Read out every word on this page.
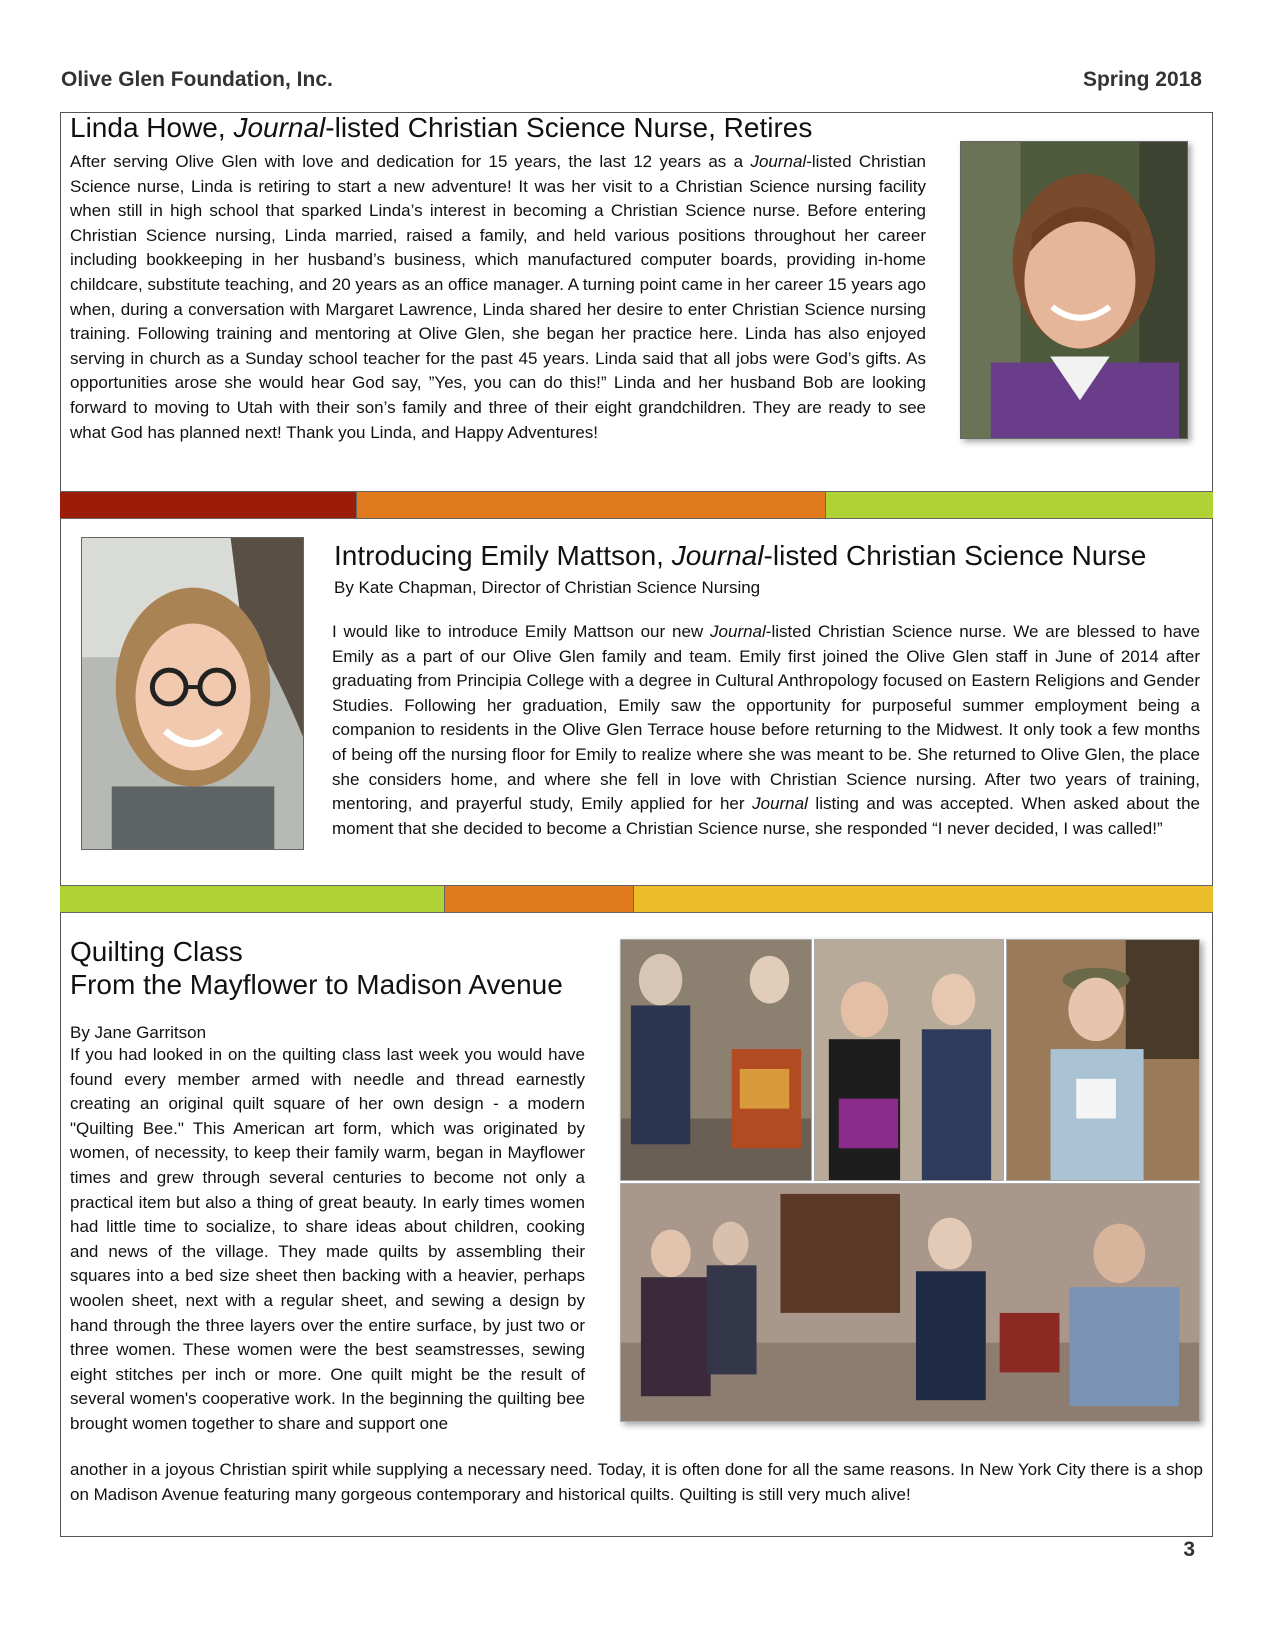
Olive Glen Foundation, Inc.	Spring 2018
Linda Howe, Journal-listed Christian Science Nurse, Retires
After serving Olive Glen with love and dedication for 15 years, the last 12 years as a Journal-listed Christian Science nurse, Linda is retiring to start a new adventure! It was her visit to a Christian Science nursing facility when still in high school that sparked Linda’s interest in becoming a Christian Science nurse. Before entering Christian Science nursing, Linda married, raised a family, and held various positions throughout her career including bookkeeping in her husband’s business, which manufactured computer boards, providing in-home childcare, substitute teaching, and 20 years as an office manager. A turning point came in her career 15 years ago when, during a conversation with Margaret Lawrence, Linda shared her desire to enter Christian Science nursing training. Following training and mentoring at Olive Glen, she began her practice here. Linda has also enjoyed serving in church as a Sunday school teacher for the past 45 years. Linda said that all jobs were God’s gifts. As opportunities arose she would hear God say, ”Yes, you can do this!” Linda and her husband Bob are looking forward to moving to Utah with their son’s family and three of their eight grandchildren. They are ready to see what God has planned next! Thank you Linda, and Happy Adventures!
Introducing Emily Mattson, Journal-listed Christian Science Nurse
By Kate Chapman, Director of Christian Science Nursing
I would like to introduce Emily Mattson our new Journal-listed Christian Science nurse. We are blessed to have Emily as a part of our Olive Glen family and team. Emily first joined the Olive Glen staff in June of 2014 after graduating from Principia College with a degree in Cultural Anthropology focused on Eastern Religions and Gender Studies. Following her graduation, Emily saw the opportunity for purposeful summer employment being a companion to residents in the Olive Glen Terrace house before returning to the Midwest. It only took a few months of being off the nursing floor for Emily to realize where she was meant to be. She returned to Olive Glen, the place she considers home, and where she fell in love with Christian Science nursing. After two years of training, mentoring, and prayerful study, Emily applied for her Journal listing and was accepted. When asked about the moment that she decided to become a Christian Science nurse, she responded “I never decided, I was called!”
Quilting Class
From the Mayflower to Madison Avenue
By Jane Garritson
If you had looked in on the quilting class last week you would have found every member armed with needle and thread earnestly creating an original quilt square of her own design - a modern "Quilting Bee." This American art form, which was originated by women, of necessity, to keep their family warm, began in Mayflower times and grew through several centuries to become not only a practical item but also a thing of great beauty. In early times women had little time to socialize, to share ideas about children, cooking and news of the village. They made quilts by assembling their squares into a bed size sheet then backing with a heavier, perhaps woolen sheet, next with a regular sheet, and sewing a design by hand through the three layers over the entire surface, by just two or three women. These women were the best seamstresses, sewing eight stitches per inch or more. One quilt might be the result of several women's cooperative work. In the beginning the quilting bee brought women together to share and support one
another in a joyous Christian spirit while supplying a necessary need. Today, it is often done for all the same reasons. In New York City there is a shop on Madison Avenue featuring many gorgeous contemporary and historical quilts. Quilting is still very much alive!
3
